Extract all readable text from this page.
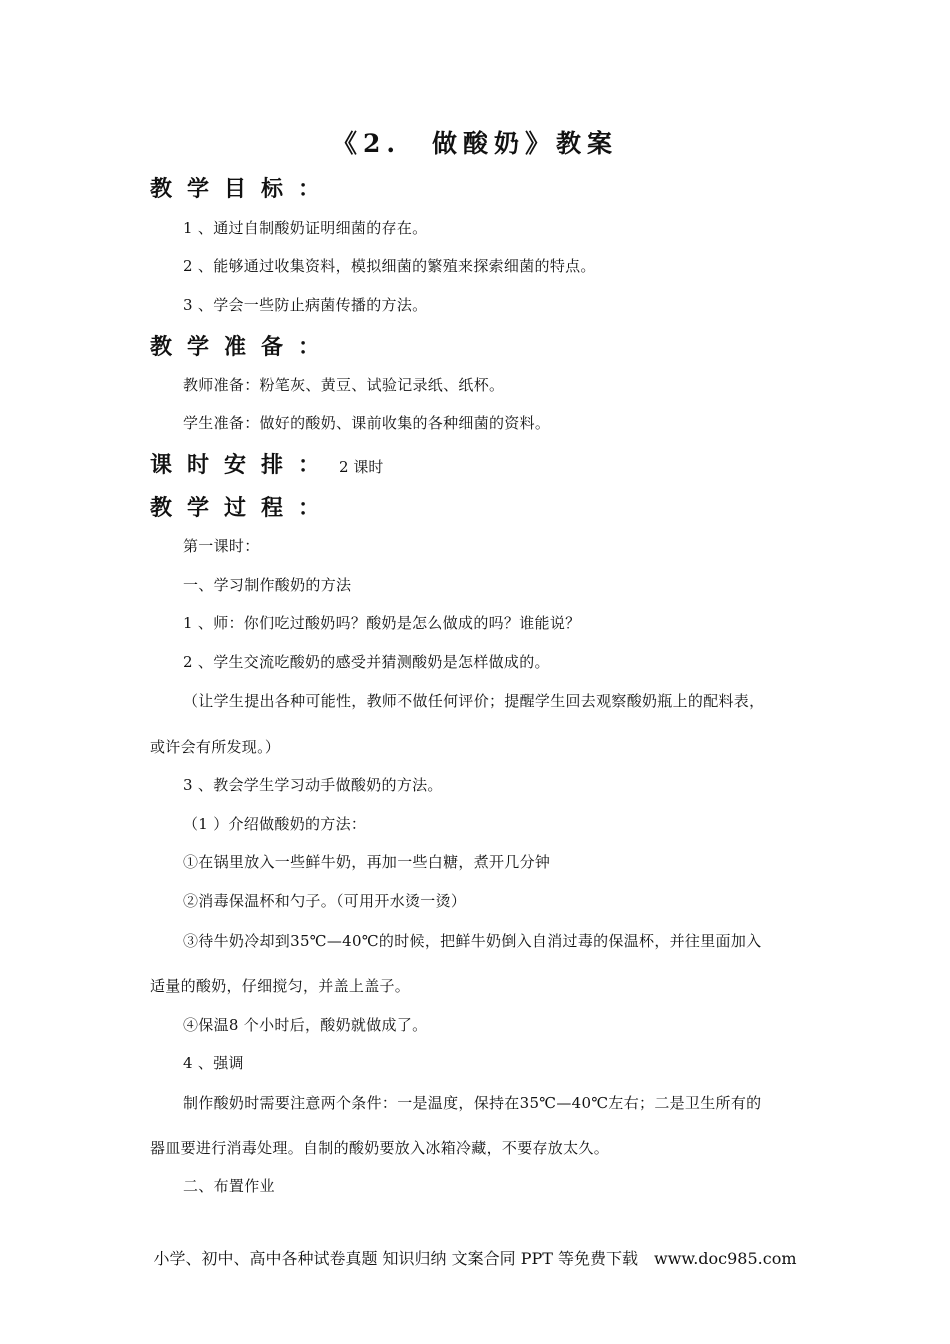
《2.　做酸奶》教案
教学目标：
1 、通过自制酸奶证明细菌的存在。
2 、能够通过收集资料，模拟细菌的繁殖来探索细菌的特点。
3 、学会一些防止病菌传播的方法。
教学准备：
教师准备：粉笔灰、黄豆、试验记录纸、纸杯。
学生准备：做好的酸奶、课前收集的各种细菌的资料。
课时安排： 2 课时
教学过程：
第一课时：
一、学习制作酸奶的方法
1 、师：你们吃过酸奶吗？酸奶是怎么做成的吗？谁能说？
2 、学生交流吃酸奶的感受并猜测酸奶是怎样做成的。
（让学生提出各种可能性，教师不做任何评价；提醒学生回去观察酸奶瓶上的配料表，
或许会有所发现。）
3 、教会学生学习动手做酸奶的方法。
（1 ）介绍做酸奶的方法：
①在锅里放入一些鲜牛奶，再加一些白糖，煮开几分钟
②消毒保温杯和勺子。（可用开水烫一烫）
③待牛奶冷却到35℃—40℃的时候，把鲜牛奶倒入自消过毒的保温杯，并往里面加入
适量的酸奶，仔细搅匀，并盖上盖子。
④保温8 个小时后，酸奶就做成了。
4 、强调
制作酸奶时需要注意两个条件：一是温度，保持在35℃—40℃左右；二是卫生所有的
器皿要进行消毒处理。自制的酸奶要放入冰箱冷藏，不要存放太久。
二、布置作业
小学、初中、高中各种试卷真题 知识归纳 文案合同 PPT 等免费下载　www.doc985.com
